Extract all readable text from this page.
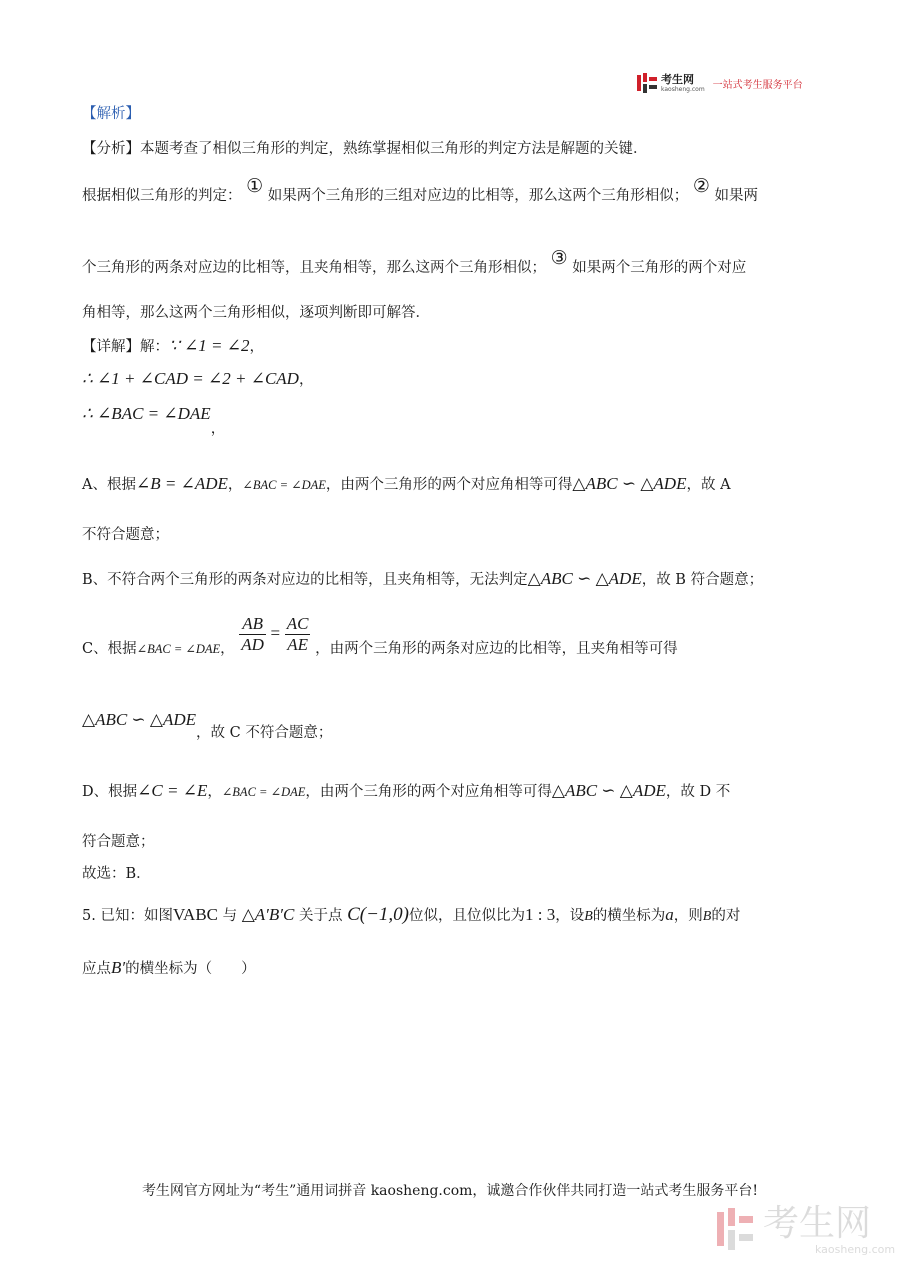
考生网
kaosheng.com 一站式考生服务平台
【解析】
【分析】本题考查了相似三角形的判定，熟练掌握相似三角形的判定方法是解题的关键．
根据相似三角形的判定： ① 如果两个三角形的三组对应边的比相等，那么这两个三角形相似； ② 如果两
个三角形的两条对应边的比相等，且夹角相等，那么这两个三角形相似； ③ 如果两个三角形的两个对应
角相等，那么这两个三角形相似，逐项判断即可解答．
【详解】解：∵ ∠1 = ∠2，
∴ ∠1 + ∠CAD = ∠2 + ∠CAD，
∴ ∠BAC = ∠DAE，
A、根据∠B = ∠ADE，∠BAC = ∠DAE，由两个三角形的两个对应角相等可得△ABC ∽ △ADE，故 A
不符合题意；
B、不符合两个三角形的两条对应边的比相等，且夹角相等，无法判定△ABC ∽ △ADE，故 B 符合题意；
C、根据∠BAC = ∠DAE， $\frac{AB}{AD} = \frac{AC}{AE}$ ，由两个三角形的两条对应边的比相等，且夹角相等可得
△ABC ∽ △ADE，故 C 不符合题意；
D、根据∠C = ∠E，∠BAC = ∠DAE，由两个三角形的两个对应角相等可得△ABC ∽ △ADE，故 D 不
符合题意；
故选：B．
5. 已知：如图VABC 与 △A′B′C 关于点 C(−1,0)位似，且位似比为1 : 3，设B的横坐标为a，则B的对
应点B′的横坐标为（　　）
考生网官方网址为“考生”通用词拼音 kaosheng.com，诚邀合作伙伴共同打造一站式考生服务平台!
考生网
kaosheng.com
